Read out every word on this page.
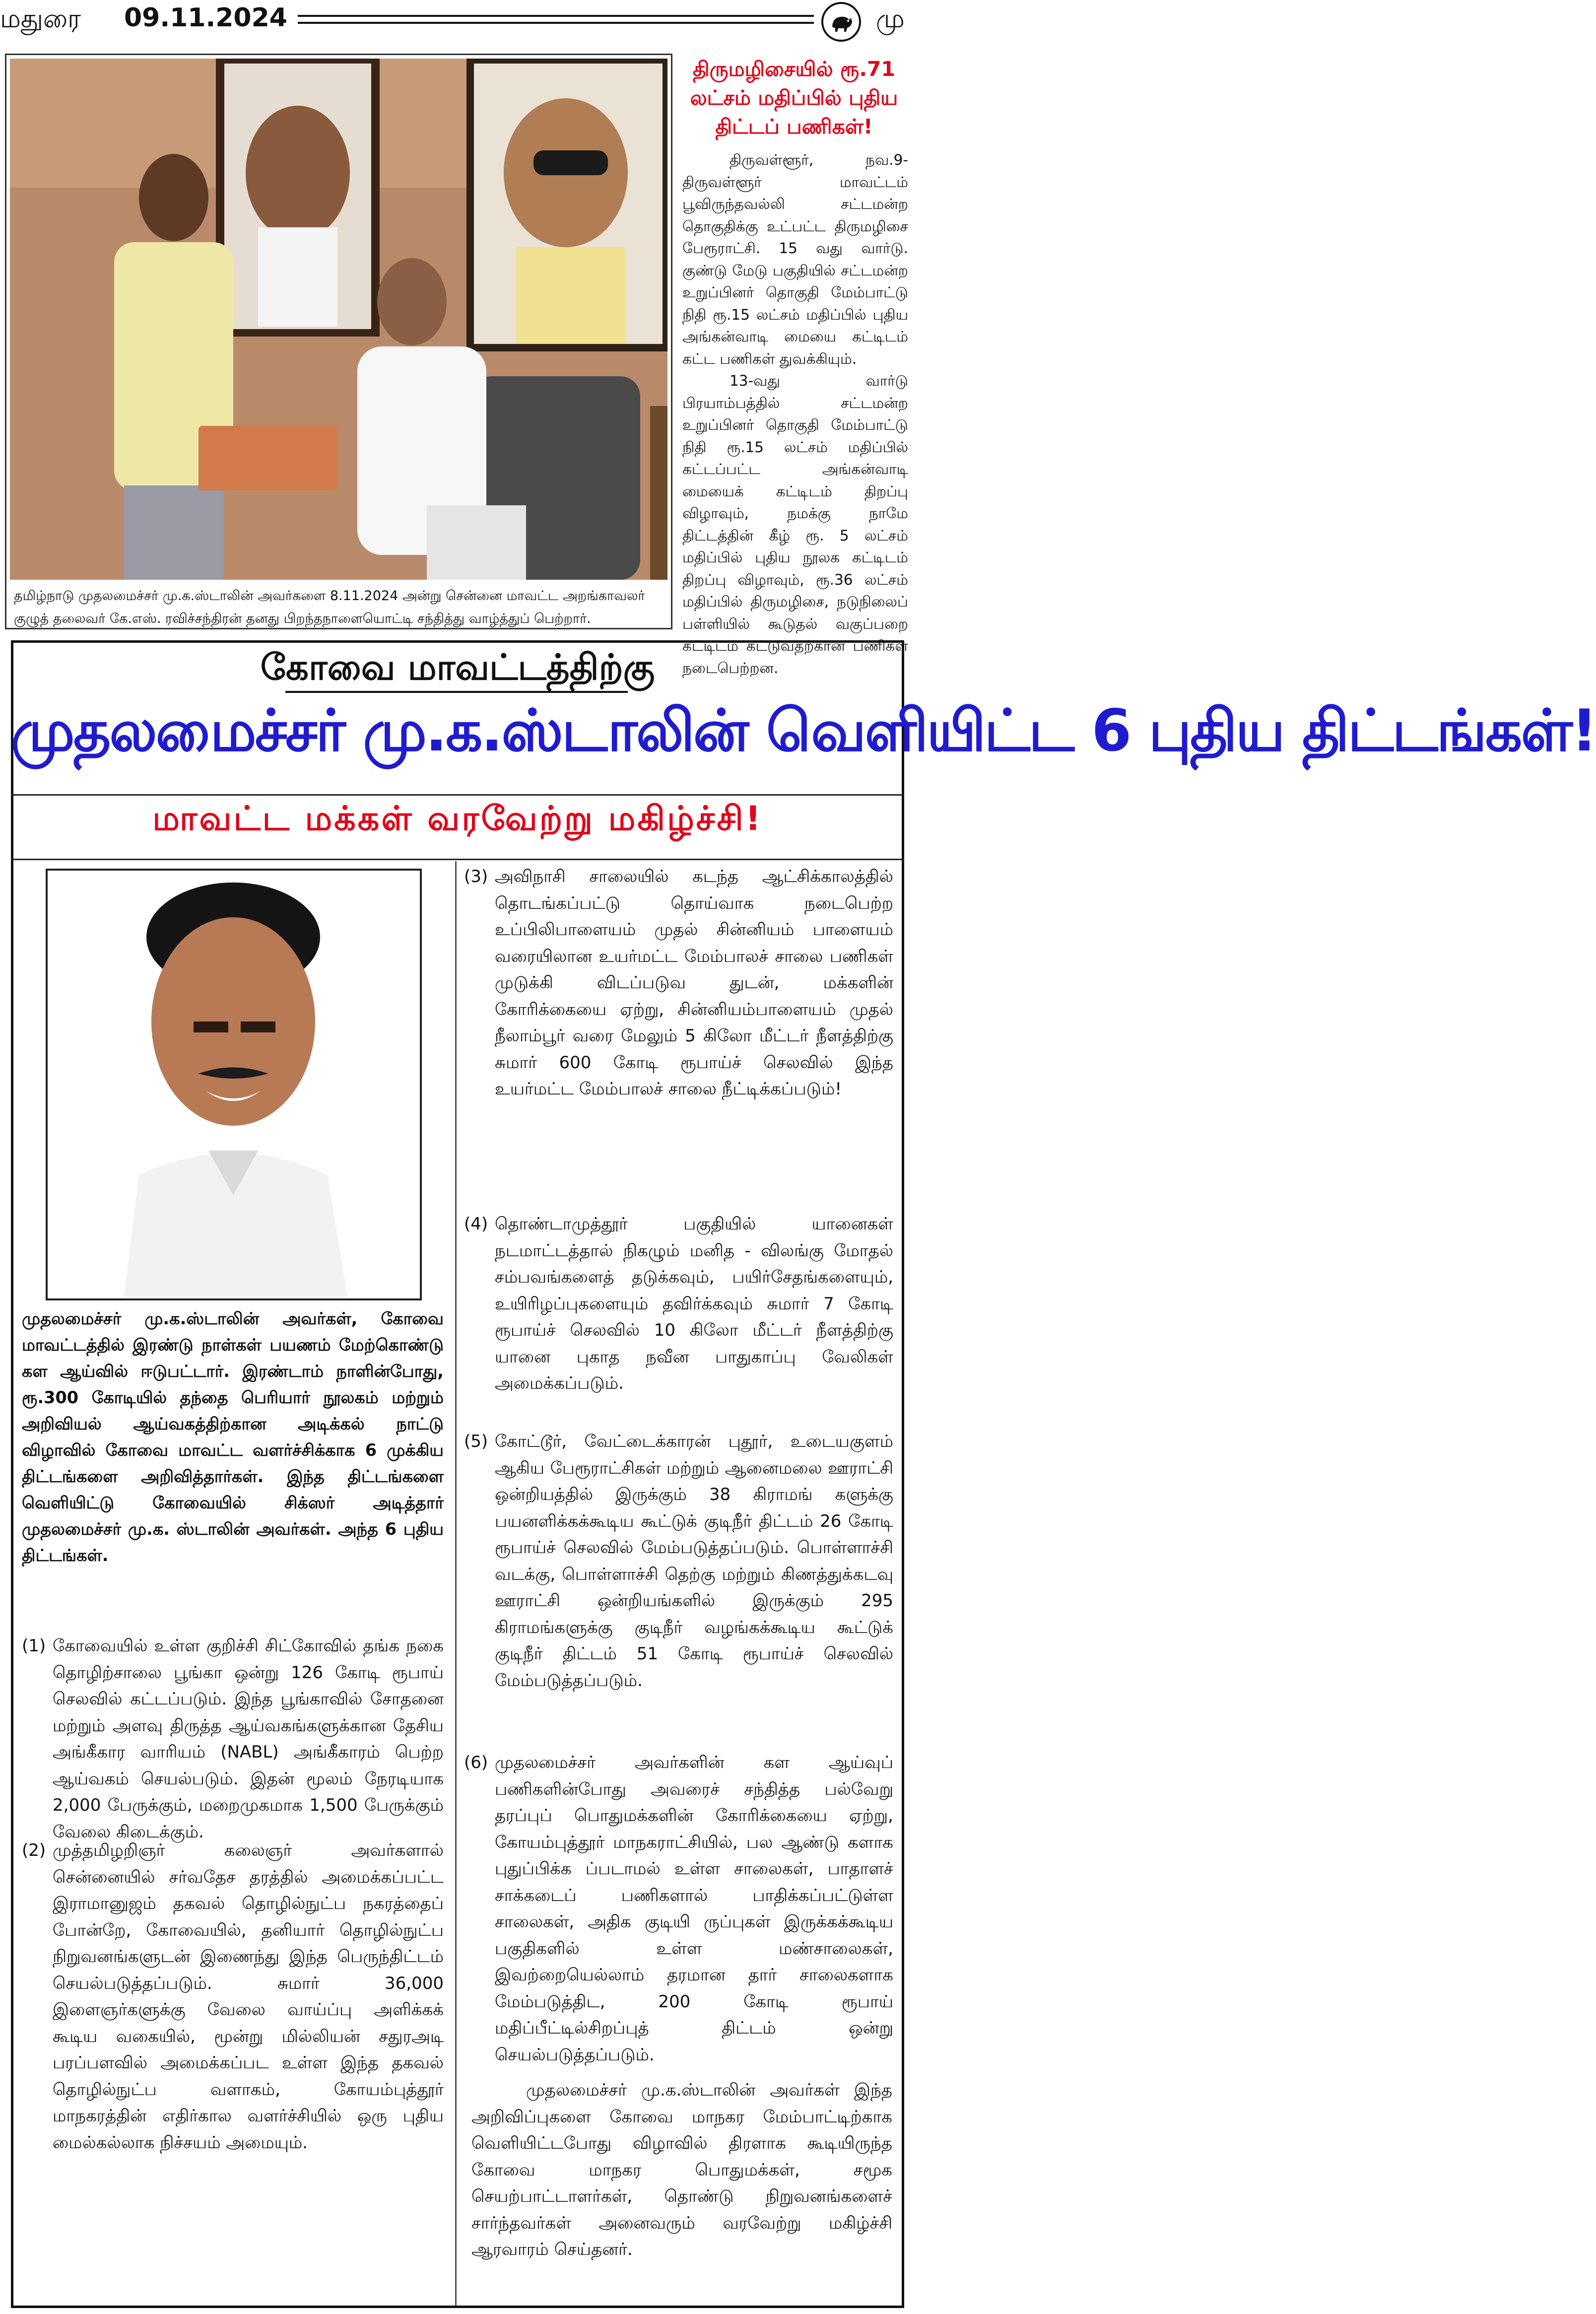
மதுரை 09.11.2024	மு
தமிழ்நாடு முதலமைச்சர் மு.க.ஸ்டாலின் அவர்களை 8.11.2024 அன்று சென்னை மாவட்ட அறங்காவலர் குழுத் தலைவர் கே.எஸ். ரவிச்சந்திரன் தனது பிறந்தநாளையொட்டி சந்தித்து வாழ்த்துப் பெற்றார்.
திருமழிசையில் ரூ.71 லட்சம் மதிப்பில் புதிய திட்டப் பணிகள்!

திருவள்ளூர், நவ.9- திருவள்ளூர் மாவட்டம் பூவிருந்தவல்லி சட்டமன்ற தொகுதிக்கு உட்பட்ட திருமழிசை பேரூராட்சி. 15 வது வார்டு. குண்டு மேடு பகுதியில் சட்டமன்ற உறுப்பினர் தொகுதி மேம்பாட்டு நிதி ரூ.15 லட்சம் மதிப்பில் புதிய அங்கன்வாடி மையை கட்டிடம் கட்ட பணிகள் துவக்கியும்.

13-வது வார்டு பிரயாம்பத்தில் சட்டமன்ற உறுப்பினர் தொகுதி மேம்பாட்டு நிதி ரூ.15 லட்சம் மதிப்பில் கட்டப்பட்ட அங்கன்வாடி மையைக் கட்டிடம் திறப்பு விழாவும், நமக்கு நாமே திட்டத்தின் கீழ் ரூ. 5 லட்சம் மதிப்பில் புதிய நூலக கட்டிடம் திறப்பு விழாவும், ரூ.36 லட்சம் மதிப்பில் திருமழிசை, நடுநிலைப் பள்ளியில் கூடுதல் வகுப்பறை கட்டிடம் கட்டுவதற்கான பணிகள் நடைபெற்றன.

கோவை மாவட்டத்திற்கு
முதலமைச்சர் மு.க.ஸ்டாலின் வெளியிட்ட 6 புதிய திட்டங்கள்!
மாவட்ட மக்கள் வரவேற்று மகிழ்ச்சி!
முதலமைச்சர் மு.க.ஸ்டாலின் அவர்கள், கோவை மாவட்டத்தில் இரண்டு நாள்கள் பயணம் மேற்கொண்டு கள ஆய்வில் ஈடுபட்டார். இரண்டாம் நாளின்போது, ரூ.300 கோடியில் தந்தை பெரியார் நூலகம் மற்றும் அறிவியல் ஆய்வகத்திற்கான அடிக்கல் நாட்டு விழாவில் கோவை மாவட்ட வளர்ச்சிக்காக 6 முக்கிய திட்டங்களை அறிவித்தார்கள். இந்த திட்டங்களை வெளியிட்டு கோவையில் சிக்ஸர் அடித்தார் முதலமைச்சர் மு.க. ஸ்டாலின் அவர்கள். அந்த 6 புதிய திட்டங்கள்.
(1) கோவையில் உள்ள குறிச்சி சிட்கோவில் தங்க நகை தொழிற்சாலை பூங்கா ஒன்று 126 கோடி ரூபாய் செலவில் கட்டப்படும். இந்த பூங்காவில் சோதனை மற்றும் அளவு திருத்த ஆய்வகங்களுக்கான தேசிய அங்கீகார வாரியம் (NABL) அங்கீகாரம் பெற்ற ஆய்வகம் செயல்படும். இதன் மூலம் நேரடியாக 2,000 பேருக்கும், மறைமுகமாக 1,500 பேருக்கும் வேலை கிடைக்கும்.
(2) முத்தமிழறிஞர் கலைஞர் அவர்களால் சென்னையில் சர்வதேச தரத்தில் அமைக்கப்பட்ட இராமானுஜம் தகவல் தொழில்நுட்ப நகரத்தைப் போன்றே, கோவையில், தனியார் தொழில்நுட்ப நிறுவனங்களுடன் இணைந்து இந்த பெருந்திட்டம் செயல்படுத்தப்படும். சுமார் 36,000 இளைஞர்களுக்கு வேலை வாய்ப்பு அளிக்கக் கூடிய வகையில், மூன்று மில்லியன் சதுரஅடி பரப்பளவில் அமைக்கப்பட உள்ள இந்த தகவல் தொழில்நுட்ப வளாகம், கோயம்புத்தூர் மாநகரத்தின் எதிர்கால வளர்ச்சியில் ஒரு புதிய மைல்கல்லாக நிச்சயம் அமையும்.
(3) அவிநாசி சாலையில் கடந்த ஆட்சிக்காலத்தில் தொடங்கப்பட்டு தொய்வாக நடைபெற்ற உப்பிலிபாளையம் முதல் சின்னியம் பாளையம் வரையிலான உயர்மட்ட மேம்பாலச் சாலை பணிகள் முடுக்கி விடப்படுவ துடன், மக்களின் கோரிக்கையை ஏற்று, சின்னியம்பாளையம் முதல் நீலாம்பூர் வரை மேலும் 5 கிலோ மீட்டர் நீளத்திற்கு சுமார் 600 கோடி ரூபாய்ச் செலவில் இந்த உயர்மட்ட மேம்பாலச் சாலை நீட்டிக்கப்படும்!
(4) தொண்டாமுத்தூர் பகுதியில் யானைகள் நடமாட்டத்தால் நிகழும் மனித - விலங்கு மோதல் சம்பவங்களைத் தடுக்கவும், பயிர்சேதங்களையும், உயிரிழப்புகளையும் தவிர்க்கவும் சுமார் 7 கோடி ரூபாய்ச் செலவில் 10 கிலோ மீட்டர் நீளத்திற்கு யானை புகாத நவீன பாதுகாப்பு வேலிகள் அமைக்கப்படும்.
(5) கோட்டூர், வேட்டைக்காரன் புதூர், உடையகுளம் ஆகிய பேரூராட்சிகள் மற்றும் ஆனைமலை ஊராட்சி ஒன்றியத்தில் இருக்கும் 38 கிராமங் களுக்கு பயனளிக்கக்கூடிய கூட்டுக் குடிநீர் திட்டம் 26 கோடி ரூபாய்ச் செலவில் மேம்படுத்தப்படும். பொள்ளாச்சி வடக்கு, பொள்ளாச்சி தெற்கு மற்றும் கிணத்துக்கடவு ஊராட்சி ஒன்றியங்களில் இருக்கும் 295 கிராமங்களுக்கு குடிநீர் வழங்கக்கூடிய கூட்டுக் குடிநீர் திட்டம் 51 கோடி ரூபாய்ச் செலவில் மேம்படுத்தப்படும்.
(6) முதலமைச்சர் அவர்களின் கள ஆய்வுப் பணிகளின்போது அவரைச் சந்தித்த பல்வேறு தரப்புப் பொதுமக்களின் கோரிக்கையை ஏற்று, கோயம்புத்தூர் மாநகராட்சியில், பல ஆண்டு களாக புதுப்பிக்க ப்படாமல் உள்ள சாலைகள், பாதாளச் சாக்கடைப் பணிகளால் பாதிக்கப்பட்டுள்ள சாலைகள், அதிக குடியி ருப்புகள் இருக்கக்கூடிய பகுதிகளில் உள்ள மண்சாலைகள், இவற்றையெல்லாம் தரமான தார் சாலைகளாக மேம்படுத்திட, 200 கோடி ரூபாய் மதிப்பீட்டில்சிறப்புத் திட்டம் ஒன்று செயல்படுத்தப்படும்.
முதலமைச்சர் மு.க.ஸ்டாலின் அவர்கள் இந்த அறிவிப்புகளை கோவை மாநகர மேம்பாட்டிற்காக வெளியிட்டபோது விழாவில் திரளாக கூடியிருந்த கோவை மாநகர பொதுமக்கள், சமூக செயற்பாட்டாளர்கள், தொண்டு நிறுவனங்களைச் சார்ந்தவர்கள் அனைவரும் வரவேற்று மகிழ்ச்சி ஆரவாரம் செய்தனர்.
